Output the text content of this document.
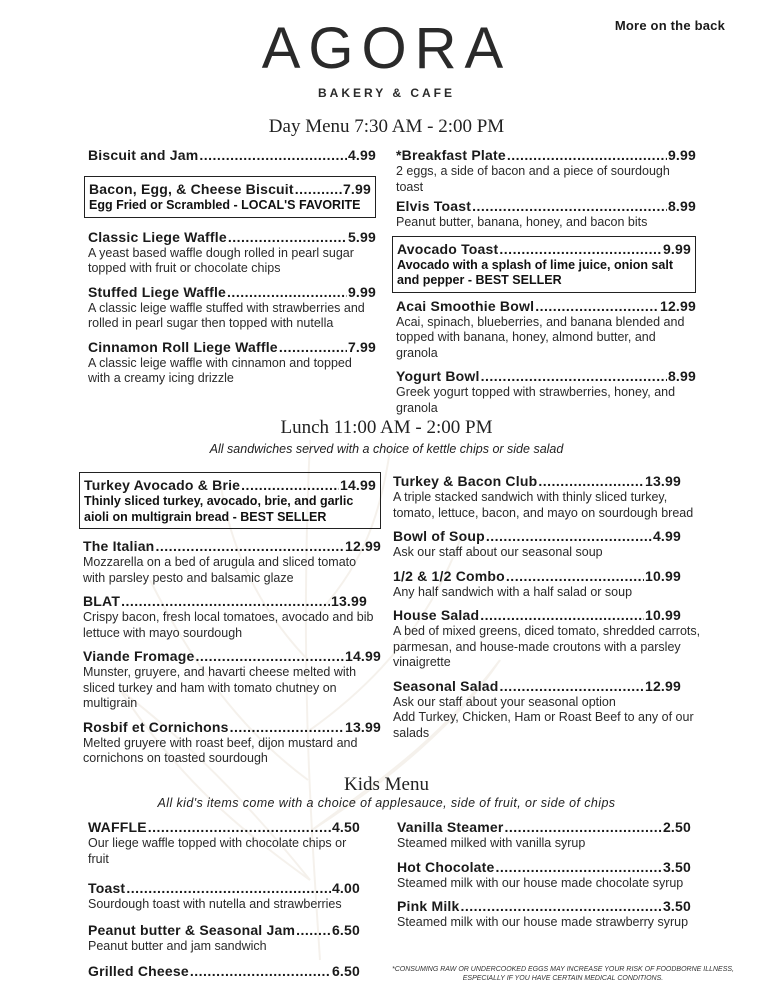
More on the back
AGORA
BAKERY & CAFE
Day Menu 7:30 AM - 2:00 PM
Biscuit and Jam .....	4.99
Bacon, Egg, & Cheese Biscuit .....	7.99
Egg Fried or Scrambled - LOCAL'S FAVORITE
Classic Liege Waffle .....	5.99
A yeast based waffle dough rolled in pearl sugar topped with fruit or chocolate chips
Stuffed Liege Waffle .....	9.99
A classic leige waffle stuffed with strawberries and rolled in pearl sugar then topped with nutella
Cinnamon Roll Liege Waffle .....	7.99
A classic leige waffle with cinnamon and topped with a creamy icing drizzle
*Breakfast Plate .....	9.99
2 eggs, a side of bacon and a piece of sourdough toast
Elvis Toast .....	8.99
Peanut butter, banana, honey, and bacon bits
Avocado Toast .....	9.99
Avocado with a splash of lime juice, onion salt and pepper - BEST SELLER
Acai Smoothie Bowl .....	12.99
Acai, spinach, blueberries, and banana blended and topped with banana, honey, almond butter, and granola
Yogurt Bowl .....	8.99
Greek yogurt topped with strawberries, honey, and granola
Lunch 11:00 AM - 2:00 PM
All sandwiches served with a choice of kettle chips or side salad
Turkey Avocado & Brie .....	14.99
Thinly sliced turkey, avocado, brie, and garlic aioli on multigrain bread - BEST SELLER
The Italian .....	12.99
Mozzarella on a bed of arugula and sliced tomato with parsley pesto and balsamic glaze
BLAT .....	13.99
Crispy bacon, fresh local tomatoes, avocado and bib lettuce with mayo sourdough
Viande Fromage .....	14.99
Munster, gruyere, and havarti cheese melted with sliced turkey and ham with tomato chutney on multigrain
Rosbif et Cornichons .....	13.99
Melted gruyere with roast beef, dijon mustard and cornichons on toasted sourdough
Turkey & Bacon Club .....	13.99
A triple stacked sandwich with thinly sliced turkey, tomato, lettuce, bacon, and mayo on sourdough bread
Bowl of Soup .....	4.99
Ask our staff about our seasonal soup
1/2 & 1/2 Combo .....	10.99
Any half sandwich with a half salad or soup
House Salad .....	10.99
A bed of mixed greens, diced tomato, shredded carrots, parmesan, and house-made croutons with a parsley vinaigrette
Seasonal Salad .....	12.99
Ask our staff about your seasonal option
Add Turkey, Chicken, Ham or Roast Beef to any of our salads
Kids Menu
All kid's items come with a choice of applesauce, side of fruit, or side of chips
WAFFLE .....	4.50
Our liege waffle topped with chocolate chips or fruit
Toast .....	4.00
Sourdough toast with nutella and strawberries
Peanut butter & Seasonal Jam .....	6.50
Peanut butter and jam sandwich
Grilled Cheese .....	6.50
Vanilla Steamer .....	2.50
Steamed milked with vanilla syrup
Hot Chocolate .....	3.50
Steamed milk with our house made chocolate syrup
Pink Milk .....	3.50
Steamed milk with our house made strawberry syrup
*CONSUMING RAW OR UNDERCOOKED EGGS MAY INCREASE YOUR RISK OF FOODBORNE ILLNESS, ESPECIALLY IF YOU HAVE CERTAIN MEDICAL CONDITIONS.
